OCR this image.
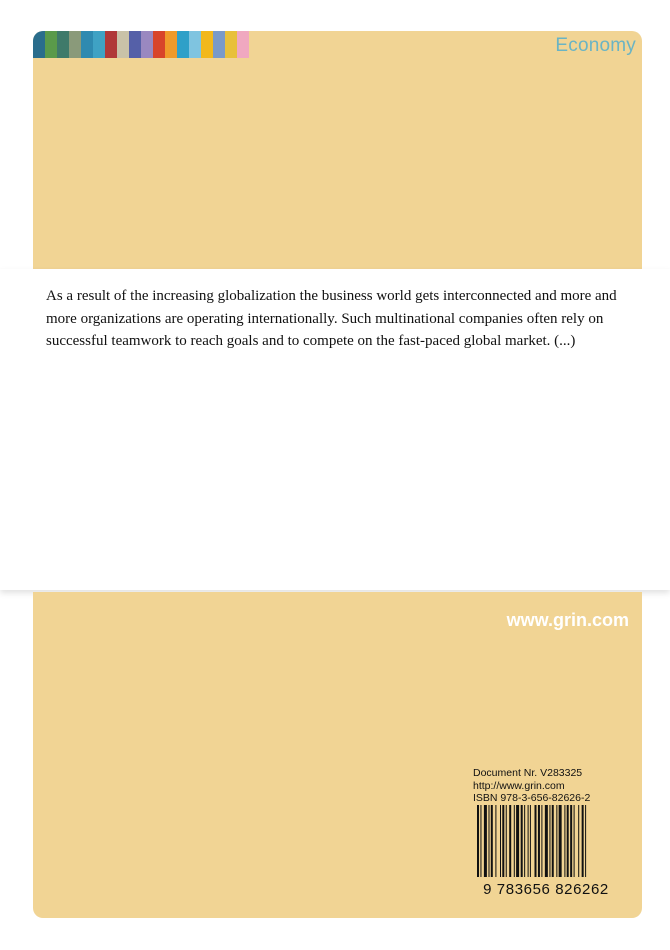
Economy

As a result of the increasing globalization the business world gets interconnected and more and more organizations are operating internationally. Such multinational companies often rely on successful teamwork to reach goals and to compete on the fast-paced global market. (...)

www.grin.com
Document Nr. V283325
http://www.grin.com
ISBN 978-3-656-82626-2
9 783656 826262
